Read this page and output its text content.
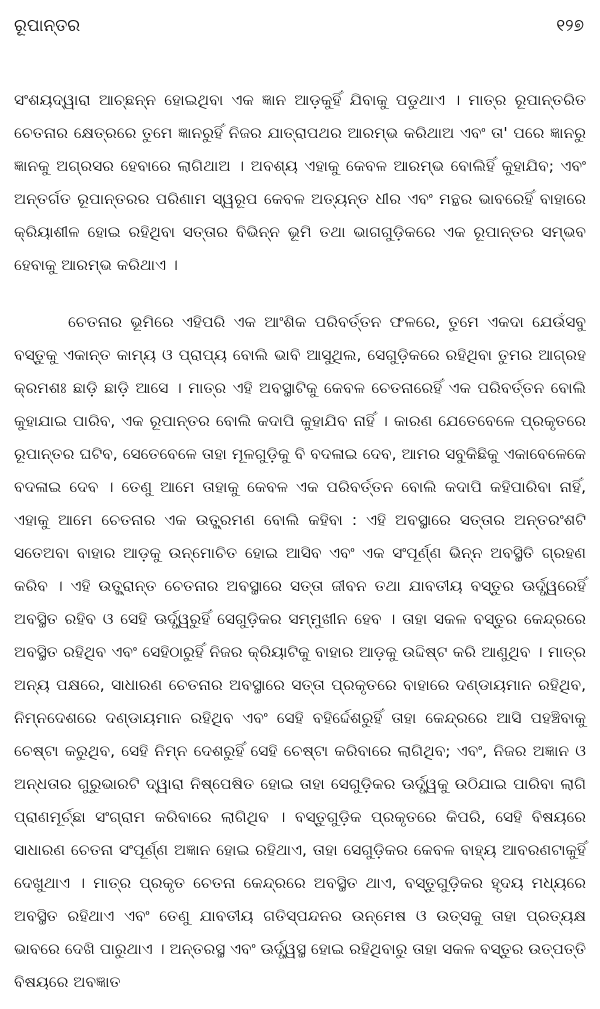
ରୂପାନ୍ତର	୧୨୭

ସଂଶୟଦ୍ୱାରା ଆଚ୍ଛନ୍ନ ହୋଇଥିବା ଏକ ଜ୍ଞାନ ଆଡ଼କୁହିଁ ଯିବାକୁ ପଡୁଥାଏ । ମାତ୍ର ରୂପାନ୍ତରିତ ଚେତନାର କ୍ଷେତ୍ରରେ ତୁମେ ଜ୍ଞାନରୁହିଁ ନିଜର ଯାତ୍ରାପଥର ଆରମ୍ଭ କରିଥାଅ ଏବଂ ତା' ପରେ ଜ୍ଞାନରୁ ଜ୍ଞାନକୁ ଅଗ୍ରସର ହେବାରେ ଲାଗିଥାଅ । ଅବଶ୍ୟ ଏହାକୁ କେବଳ ଆରମ୍ଭ ବୋଲିହିଁ କୁହାଯିବ; ଏବଂ ଅନ୍ତର୍ଗତ ରୂପାନ୍ତରର ପରିଣାମ ସ୍ୱରୂପ କେବଳ ଅତ୍ୟନ୍ତ ଧୀର ଏବଂ ମନ୍ଥର ଭାବରେହିଁ ବାହାରେ କ୍ରିୟାଶୀଳ ହୋଇ ରହିଥିବା ସତ୍ତାର ବିଭିନ୍ନ ଭୂମି ତଥା ଭାଗଗୁଡ଼ିକରେ ଏକ ରୂପାନ୍ତର ସମ୍ଭବ ହେବାକୁ ଆରମ୍ଭ କରିଥାଏ ।

ଚେତନାର ଭୂମିରେ ଏହିପରି ଏକ ଆଂଶିକ ପରିବର୍ତ୍ତନ ଫଳରେ, ତୁମେ ଏକଦା ଯେଉଁସବୁ ବସ୍ତୁକୁ ଏକାନ୍ତ କାମ୍ୟ ଓ ପ୍ରାପ୍ୟ ବୋଲି ଭାବି ଆସୁଥିଲ, ସେଗୁଡ଼ିକରେ ରହିଥିବା ତୁମର ଆଗ୍ରହ କ୍ରମଶଃ ଛାଡ଼ି ଛାଡ଼ି ଆସେ । ମାତ୍ର ଏହି ଅବସ୍ଥାଟିକୁ କେବଳ ଚେତନାରେହିଁ ଏକ ପରିବର୍ତ୍ତନ ବୋଲି କୁହାଯାଇ ପାରିବ, ଏକ ରୂପାନ୍ତର ବୋଲି କଦାପି କୁହାଯିବ ନାହିଁ । କାରଣ ଯେତେବେଳେ ପ୍ରକୃତରେ ରୂପାନ୍ତର ଘଟିବ, ସେତେବେଳେ ତାହା ମୂଳଗୁଡ଼ିକୁ ବି ବଦଳାଇ ଦେବ, ଆମର ସବୁକିଛିକୁ ଏକାବେଳେକେ ବଦଳାଇ ଦେବ । ତେଣୁ ଆମେ ତାହାକୁ କେବଳ ଏକ ପରିବର୍ତ୍ତନ ବୋଲି କଦାପି କହିପାରିବା ନାହିଁ, ଏହାକୁ ଆମେ ଚେତନାର ଏକ ଉତ୍କ୍ରମଣ ବୋଲି କହିବା : ଏହି ଅବସ୍ଥାରେ ସତ୍ତାର ଅନ୍ତରଂଶଟି ସତେଅବା ବାହାର ଆଡ଼କୁ ଉନ୍ମୋଚିତ ହୋଇ ଆସିବ ଏବଂ ଏକ ସଂପୂର୍ଣ୍ଣ ଭିନ୍ନ ଅବସ୍ଥିତି ଗ୍ରହଣ କରିବ । ଏହି ଉତ୍କ୍ରାନ୍ତ ଚେତନାର ଅବସ୍ଥାରେ ସତ୍ତା ଜୀବନ ତଥା ଯାବତୀୟ ବସ୍ତୁର ଊର୍ଦ୍ଧ୍ୱରେହିଁ ଅବସ୍ଥିତ ରହିବ ଓ ସେହି ଊର୍ଦ୍ଧ୍ୱରୁହିଁ ସେଗୁଡ଼ିକର ସମ୍ମୁଖୀନ ହେବ । ତାହା ସକଳ ବସ୍ତୁର କେନ୍ଦ୍ରରେ ଅବସ୍ଥିତ ରହିଥିବ ଏବଂ ସେହିଠାରୁହିଁ ନିଜର କ୍ରିୟାଟିକୁ ବାହାର ଆଡ଼କୁ ଉଦ୍ଦିଷ୍ଟ କରି ଆଣୁଥିବ । ମାତ୍ର ଅନ୍ୟ ପକ୍ଷରେ, ସାଧାରଣ ଚେତନାର ଅବସ୍ଥାରେ ସତ୍ତା ପ୍ରକୃତରେ ବାହାରେ ଦଣ୍ଡାୟମାନ ରହିଥିବ, ନିମ୍ନଦେଶରେ ଦଣ୍ଡାୟମାନ ରହିଥିବ ଏବଂ ସେହି ବହିର୍ଦ୍ଦେଶରୁହିଁ ତାହା କେନ୍ଦ୍ରରେ ଆସି ପହଞ୍ଚିବାକୁ ଚେଷ୍ଟା କରୁଥିବ, ସେହି ନିମ୍ନ ଦେଶରୁହିଁ ସେହି ଚେଷ୍ଟା କରିବାରେ ଲାଗିଥିବ; ଏବଂ, ନିଜର ଅଜ୍ଞାନ ଓ ଅନ୍ଧତାର ଗୁରୁଭାରଟି ଦ୍ୱାରା ନିଷ୍ପେଷିତ ହୋଇ ତାହା ସେଗୁଡ଼ିକର ଊର୍ଦ୍ଧ୍ୱକୁ ଉଠିଯାଇ ପାରିବା ଲାଗି ପ୍ରାଣମୂର୍ଚ୍ଛା ସଂଗ୍ରାମ କରିବାରେ ଲାଗିଥିବ । ବସ୍ତୁଗୁଡ଼ିକ ପ୍ରକୃତରେ କିପରି, ସେହି ବିଷୟରେ ସାଧାରଣ ଚେତନା ସଂପୂର୍ଣ୍ଣ ଅଜ୍ଞାନ ହୋଇ ରହିଥାଏ, ତାହା ସେଗୁଡ଼ିକର କେବଳ ବାହ୍ୟ ଆବରଣଟାକୁହିଁ ଦେଖୁଥାଏ । ମାତ୍ର ପ୍ରକୃତ ଚେତନା କେନ୍ଦ୍ରରେ ଅବସ୍ଥିତ ଥାଏ, ବସ୍ତୁଗୁଡ଼ିକର ହୃଦୟ ମଧ୍ୟରେ ଅବସ୍ଥିତ ରହିଥାଏ ଏବଂ ତେଣୁ ଯାବତୀୟ ଗତିସ୍ପନ୍ଦନର ଉନ୍ମେଷ ଓ ଉତ୍ସକୁ ତାହା ପ୍ରତ୍ୟକ୍ଷ ଭାବରେ ଦେଖି ପାରୁଥାଏ । ଅନ୍ତରସ୍ଥ ଏବଂ ଊର୍ଦ୍ଧ୍ୱସ୍ଥ ହୋଇ ରହିଥିବାରୁ ତାହା ସକଳ ବସ୍ତୁର ଉତ୍ପତ୍ତି ବିଷୟରେ ଅବଜ୍ଞାତ
